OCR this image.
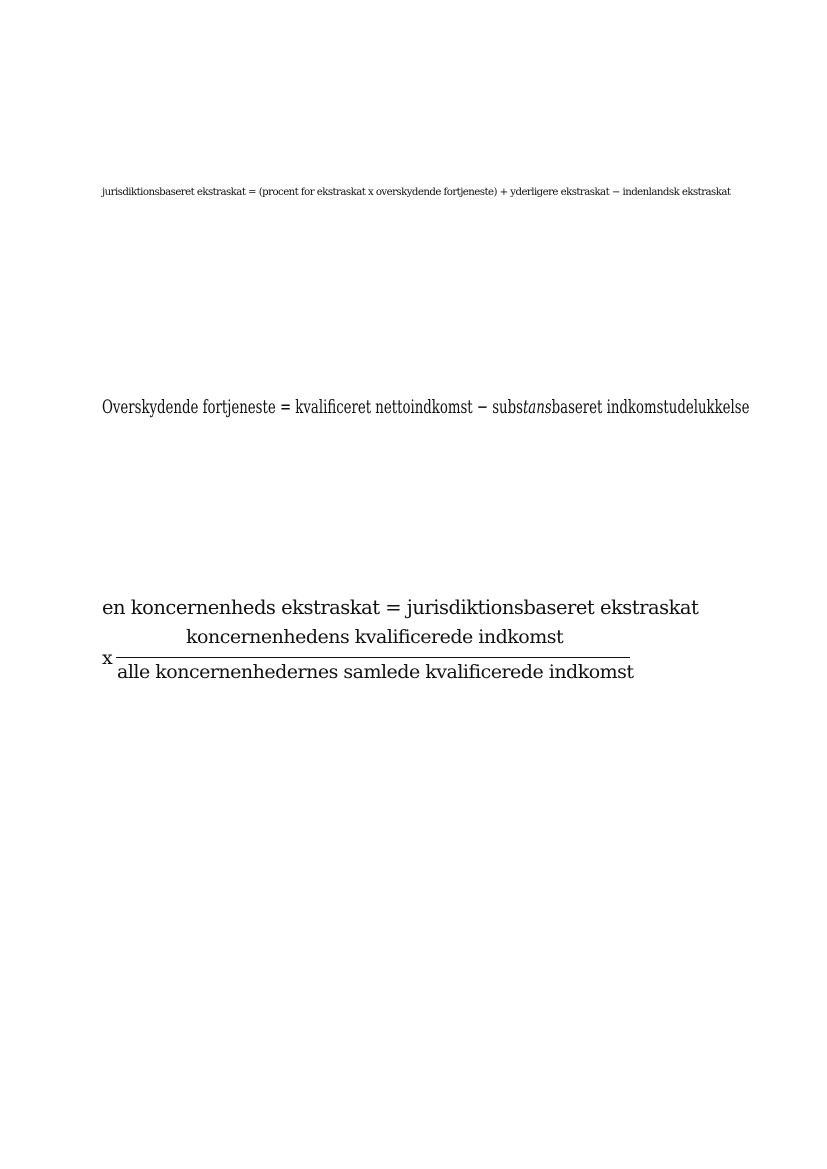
jurisdiktionsbaseret ekstraskat = (procent for ekstraskat x overskydende fortjeneste) + yderligere ekstraskat − indenlandsk ekstraskat
Overskydende fortjeneste = kvalificeret nettoindkomst − substansbaseret indkomstudelukkelse
en koncernenheds ekstraskat = jurisdiktionsbaseret ekstraskat
x
koncernenhedens kvalificerede indkomst
alle koncernenhedernes samlede kvalificerede indkomst
